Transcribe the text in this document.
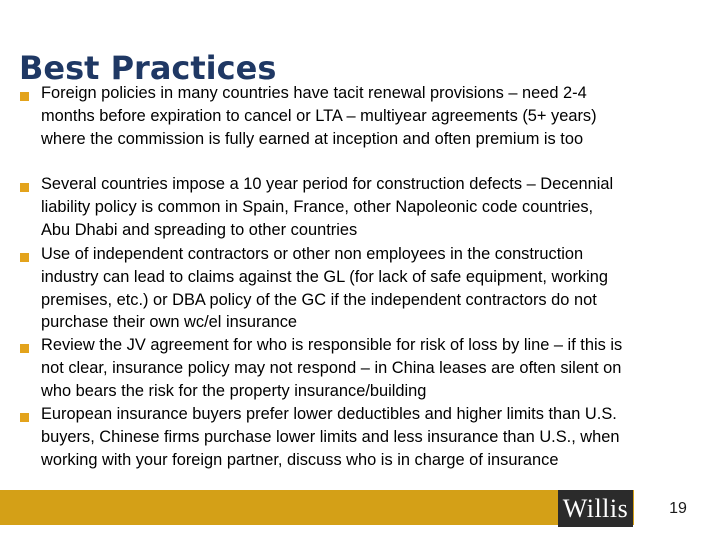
Best Practices
Foreign policies in many countries have tacit renewal provisions – need 2-4
months before expiration to cancel or LTA – multiyear agreements (5+ years)
where the commission is fully earned at inception and often premium is too
Several countries impose a 10 year period for construction defects – Decennial
liability policy is common in Spain, France, other Napoleonic code countries,
Abu Dhabi and spreading to other countries
Use of independent contractors or other non employees in the construction
industry can lead to claims against the GL (for lack of safe equipment, working
premises, etc.) or DBA policy of the GC if the independent contractors do not
purchase their own wc/el insurance
Review the JV agreement for who is responsible for risk of loss by line – if this is
not clear, insurance policy may not respond – in China leases are often silent on
who bears the risk for the property insurance/building
European insurance buyers prefer lower deductibles and higher limits than U.S.
buyers, Chinese firms purchase lower limits and less insurance than U.S., when
working with your foreign partner, discuss who is in charge of insurance
Willis	19
